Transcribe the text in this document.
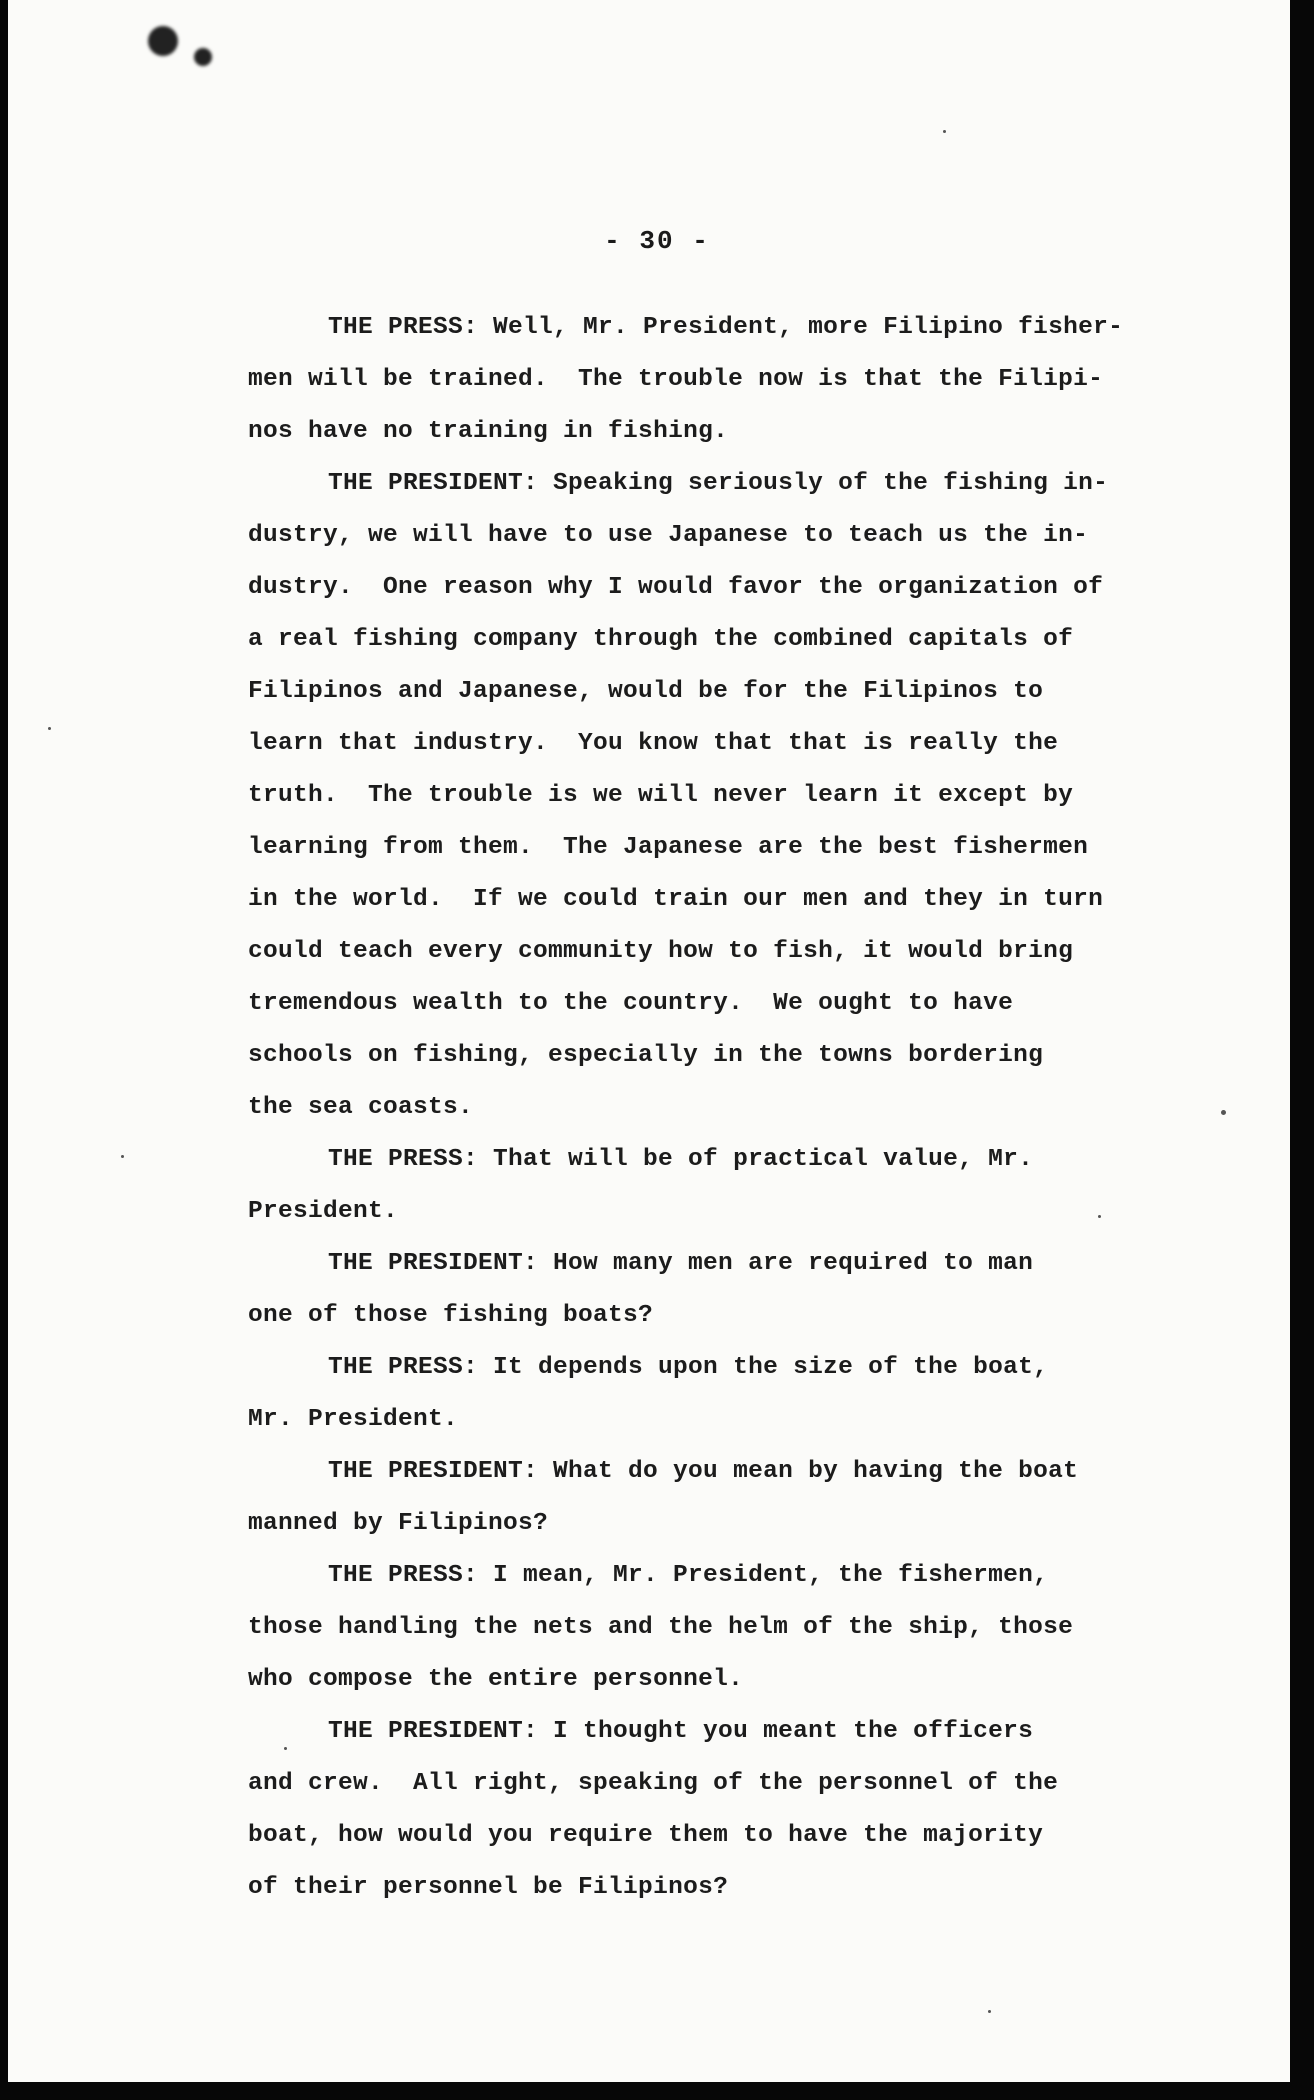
- 30 -
THE PRESS: Well, Mr. President, more Filipino fisher-
men will be trained.  The trouble now is that the Filipi-
nos have no training in fishing.
THE PRESIDENT: Speaking seriously of the fishing in-
dustry, we will have to use Japanese to teach us the in-
dustry.  One reason why I would favor the organization of
a real fishing company through the combined capitals of
Filipinos and Japanese, would be for the Filipinos to
learn that industry.  You know that that is really the
truth.  The trouble is we will never learn it except by
learning from them.  The Japanese are the best fishermen
in the world.  If we could train our men and they in turn
could teach every community how to fish, it would bring
tremendous wealth to the country.  We ought to have
schools on fishing, especially in the towns bordering
the sea coasts.
THE PRESS: That will be of practical value, Mr.
President.
THE PRESIDENT: How many men are required to man
one of those fishing boats?
THE PRESS: It depends upon the size of the boat,
Mr. President.
THE PRESIDENT: What do you mean by having the boat
manned by Filipinos?
THE PRESS: I mean, Mr. President, the fishermen,
those handling the nets and the helm of the ship, those
who compose the entire personnel.
THE PRESIDENT: I thought you meant the officers
and crew.  All right, speaking of the personnel of the
boat, how would you require them to have the majority
of their personnel be Filipinos?
